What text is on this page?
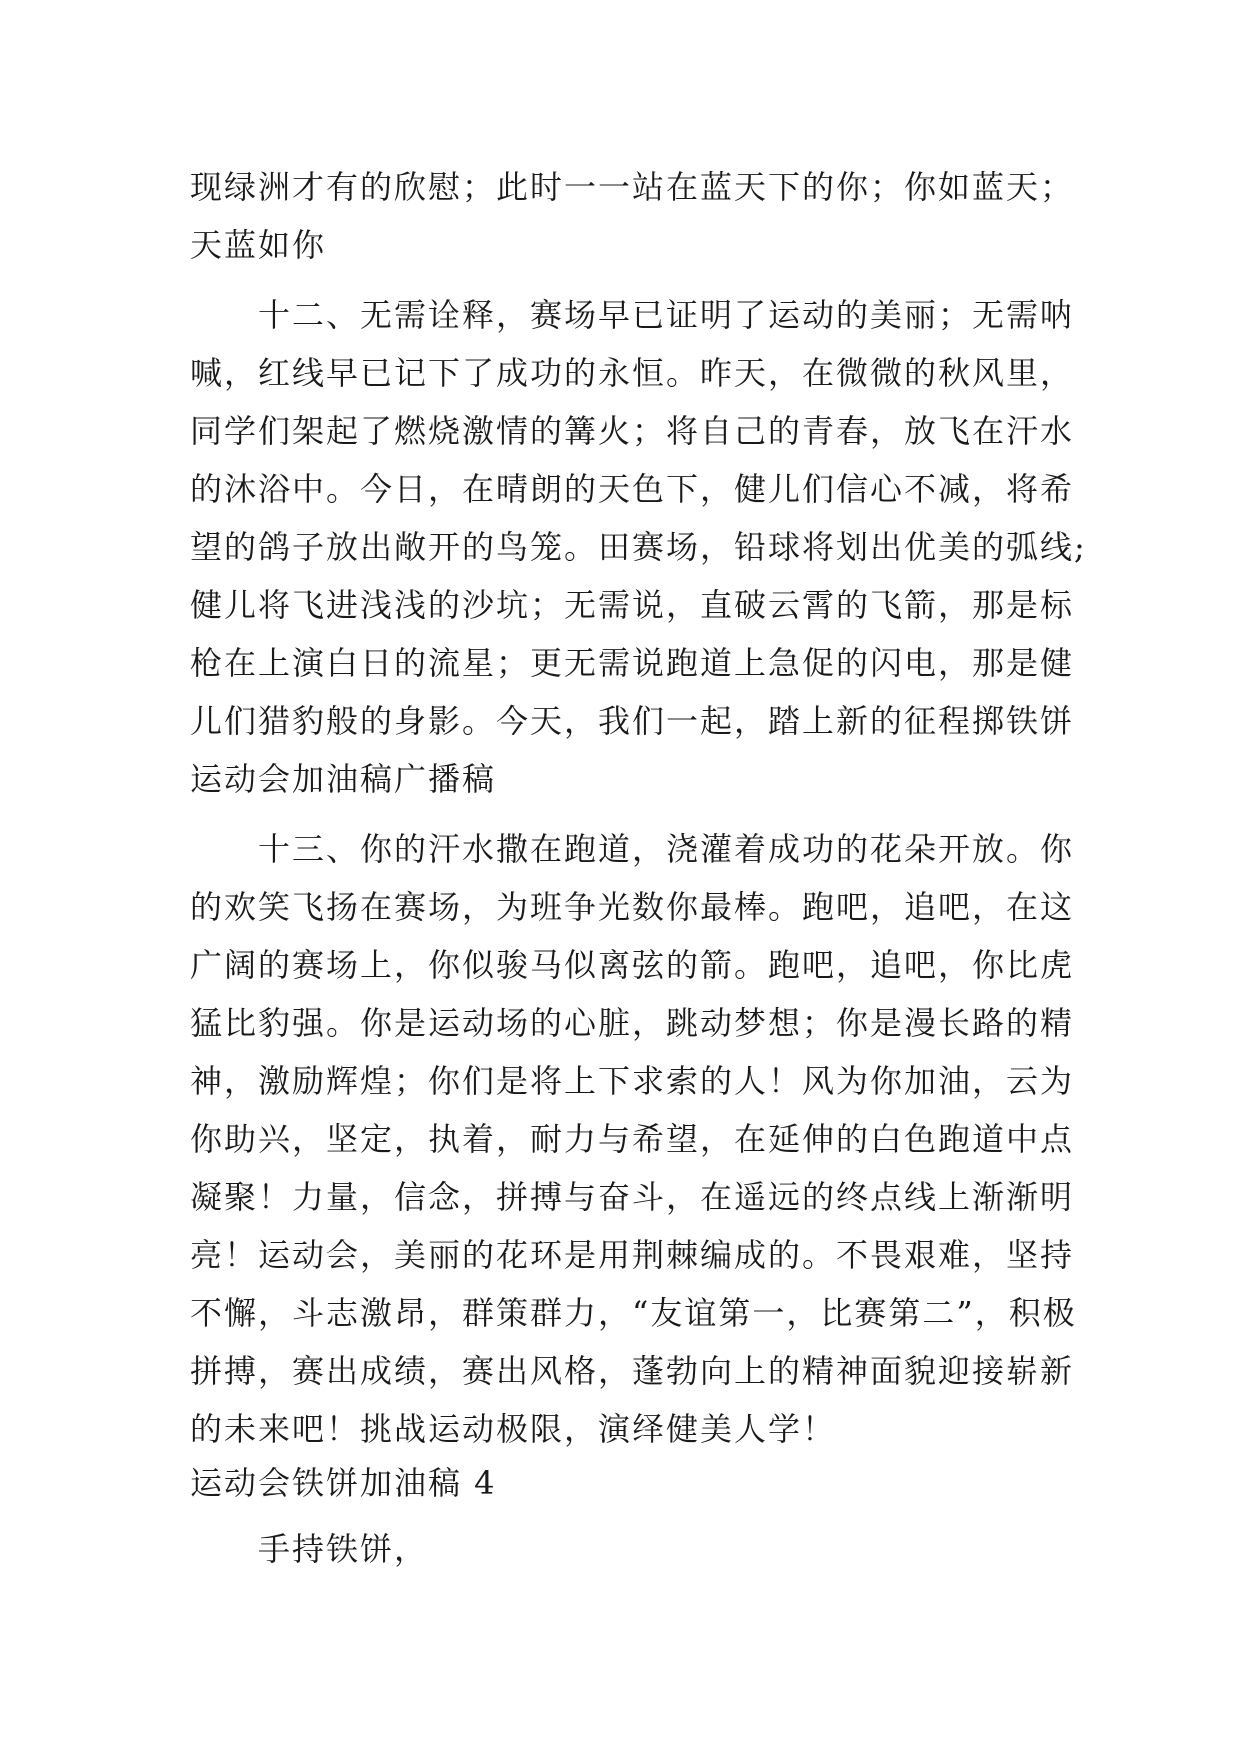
现绿洲才有的欣慰；此时一一站在蓝天下的你；你如蓝天；
天蓝如你
十二、无需诠释，赛场早已证明了运动的美丽；无需呐
喊，红线早已记下了成功的永恒。昨天，在微微的秋风里，
同学们架起了燃烧激情的篝火；将自己的青春，放飞在汗水
的沐浴中。今日，在晴朗的天色下，健儿们信心不减，将希
望的鸽子放出敞开的鸟笼。田赛场，铅球将划出优美的弧线;
健儿将飞进浅浅的沙坑；无需说，直破云霄的飞箭，那是标
枪在上演白日的流星；更无需说跑道上急促的闪电，那是健
儿们猎豹般的身影。今天，我们一起，踏上新的征程掷铁饼
运动会加油稿广播稿
十三、你的汗水撒在跑道，浇灌着成功的花朵开放。你
的欢笑飞扬在赛场，为班争光数你最棒。跑吧，追吧，在这
广阔的赛场上，你似骏马似离弦的箭。跑吧，追吧，你比虎
猛比豹强。你是运动场的心脏，跳动梦想；你是漫长路的精
神，激励辉煌；你们是将上下求索的人！风为你加油，云为
你助兴，坚定，执着，耐力与希望，在延伸的白色跑道中点
凝聚！力量，信念，拼搏与奋斗，在遥远的终点线上渐渐明
亮！运动会，美丽的花环是用荆棘编成的。不畏艰难，坚持
不懈，斗志激昂，群策群力，“友谊第一，比赛第二”，积极
拼搏，赛出成绩，赛出风格，蓬勃向上的精神面貌迎接崭新
的未来吧！挑战运动极限，演绎健美人学！
运动会铁饼加油稿 4
手持铁饼，
